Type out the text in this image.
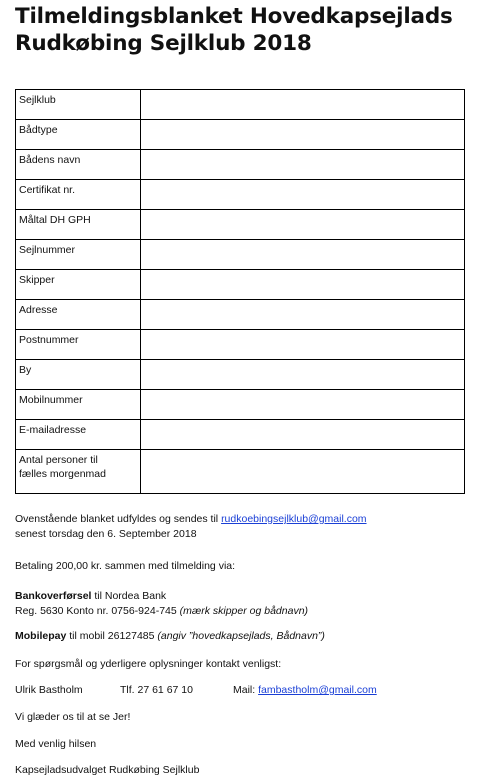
Tilmeldingsblanket Hovedkapsejlads
Rudkøbing Sejlklub 2018
Sejlklub	
Bådtype	
Bådens navn	
Certifikat nr.	
Måltal DH GPH	
Sejlnummer	
Skipper	
Adresse	
Postnummer	
By	
Mobilnummer	
E-mailadresse	
Antal personer til
fælles morgenmad	

Ovenstående blanket udfyldes og sendes til rudkoebingsejlklub@gmail.com
senest torsdag den 6. September 2018

Betaling 200,00 kr. sammen med tilmelding via:

Bankoverførsel til Nordea Bank
Reg. 5630 Konto nr. 0756-924-745 (mærk skipper og bådnavn)

Mobilepay til mobil 26127485 (angiv ”hovedkapsejlads, Bådnavn”)

For spørgsmål og yderligere oplysninger kontakt venligst:

Ulrik Bastholm	Tlf. 27 61 67 10	Mail: fambastholm@gmail.com

Vi glæder os til at se Jer!

Med venlig hilsen

Kapsejladsudvalget Rudkøbing Sejlklub
